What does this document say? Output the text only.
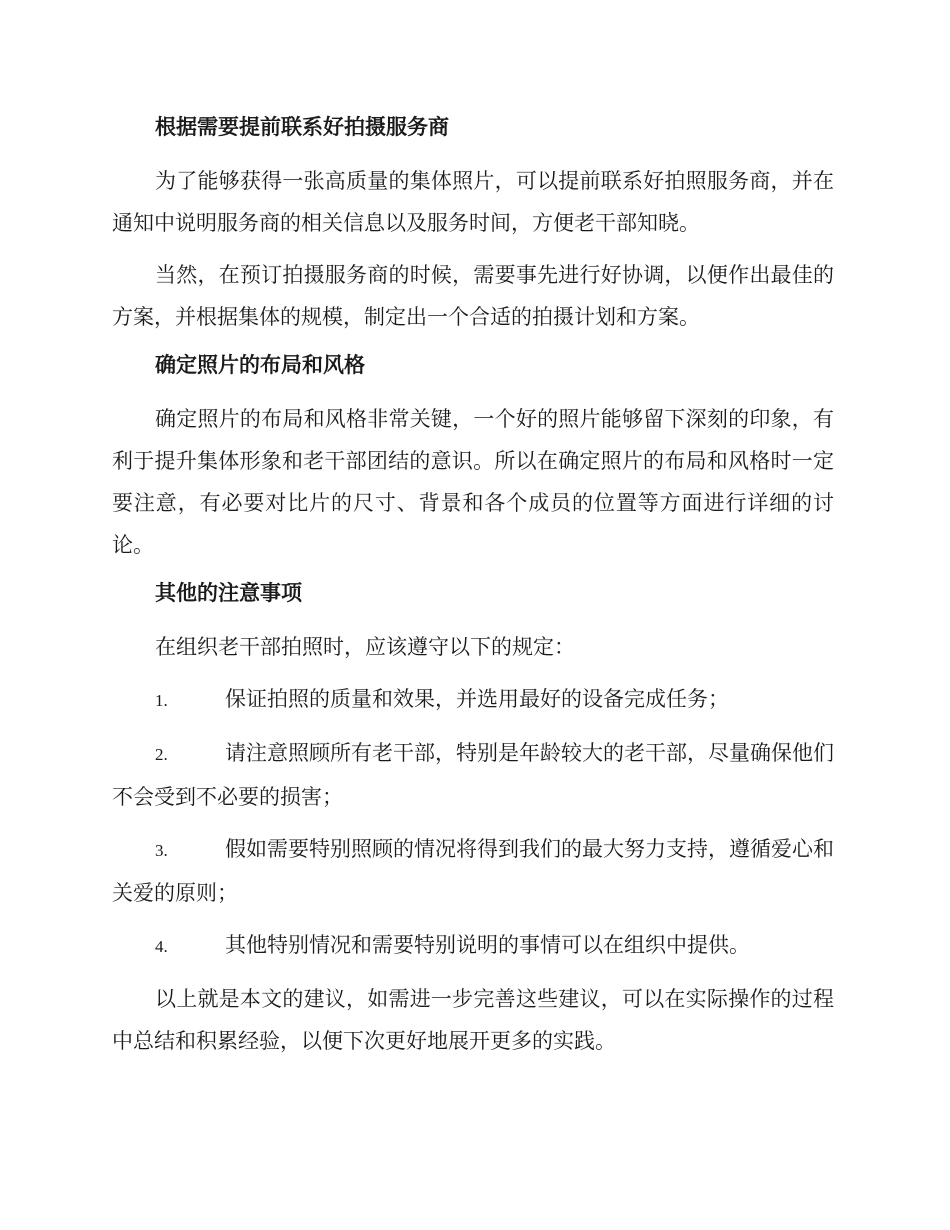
根据需要提前联系好拍摄服务商

为了能够获得一张高质量的集体照片，可以提前联系好拍照服务商，并在通知中说明服务商的相关信息以及服务时间，方便老干部知晓。

当然，在预订拍摄服务商的时候，需要事先进行好协调，以便作出最佳的方案，并根据集体的规模，制定出一个合适的拍摄计划和方案。

确定照片的布局和风格

确定照片的布局和风格非常关键，一个好的照片能够留下深刻的印象，有利于提升集体形象和老干部团结的意识。所以在确定照片的布局和风格时一定要注意，有必要对比片的尺寸、背景和各个成员的位置等方面进行详细的讨论。

其他的注意事项

在组织老干部拍照时，应该遵守以下的规定：

1.	保证拍照的质量和效果，并选用最好的设备完成任务；

2.	请注意照顾所有老干部，特别是年龄较大的老干部，尽量确保他们不会受到不必要的损害；

3.	假如需要特别照顾的情况将得到我们的最大努力支持，遵循爱心和关爱的原则；

4.	其他特别情况和需要特别说明的事情可以在组织中提供。

以上就是本文的建议，如需进一步完善这些建议，可以在实际操作的过程中总结和积累经验，以便下次更好地展开更多的实践。
